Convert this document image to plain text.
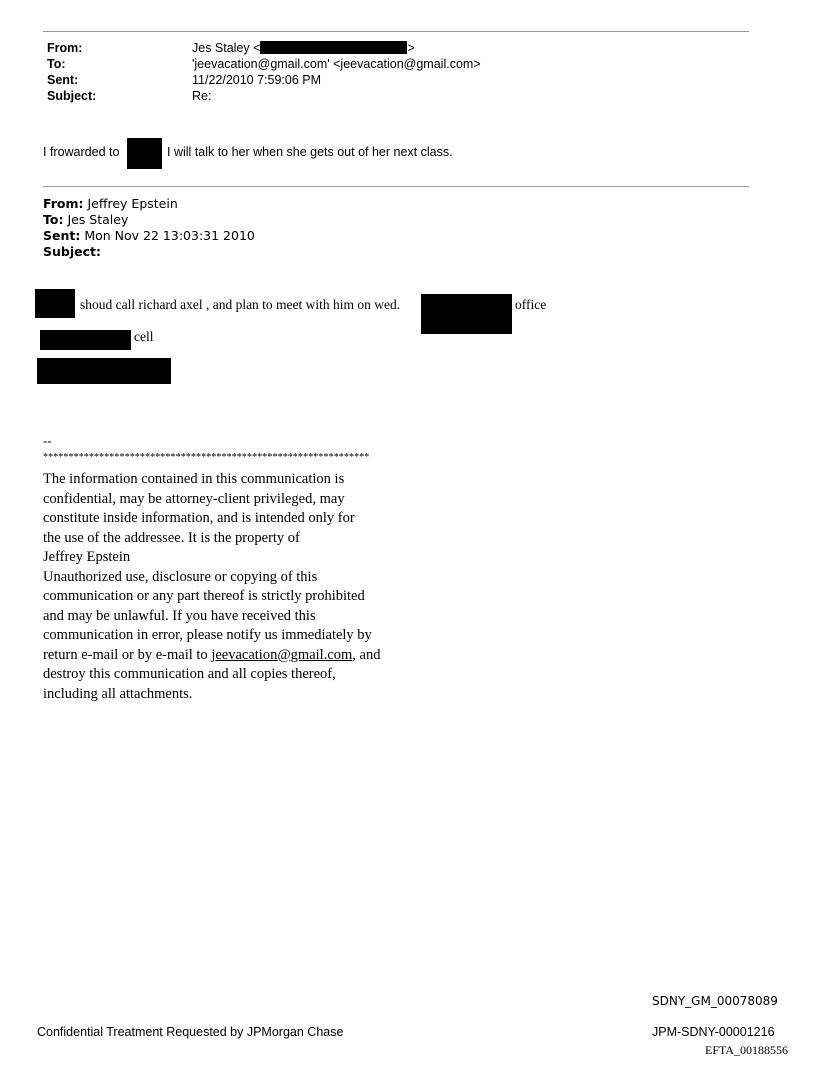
From:	Jes Staley <	>
To:	'jeevacation@gmail.com' <jeevacation@gmail.com>
Sent:	11/22/2010 7:59:06 PM
Subject:	Re:
I frowarded to	I will talk to her when she gets out of her next class.
From: Jeffrey Epstein
To: Jes Staley
Sent: Mon Nov 22 13:03:31 2010
Subject:
shoud call richard axel , and plan to meet with him on wed.	office
cell
--
****************************************************************
The information contained in this communication is
confidential, may be attorney-client privileged, may
constitute inside information, and is intended only for
the use of the addressee. It is the property of
Jeffrey Epstein
Unauthorized use, disclosure or copying of this
communication or any part thereof is strictly prohibited
and may be unlawful. If you have received this
communication in error, please notify us immediately by
return e-mail or by e-mail to jeevacation@gmail.com, and
destroy this communication and all copies thereof,
including all attachments.
SDNY_GM_00078089
Confidential Treatment Requested by JPMorgan Chase	JPM-SDNY-00001216
EFTA_00188556
